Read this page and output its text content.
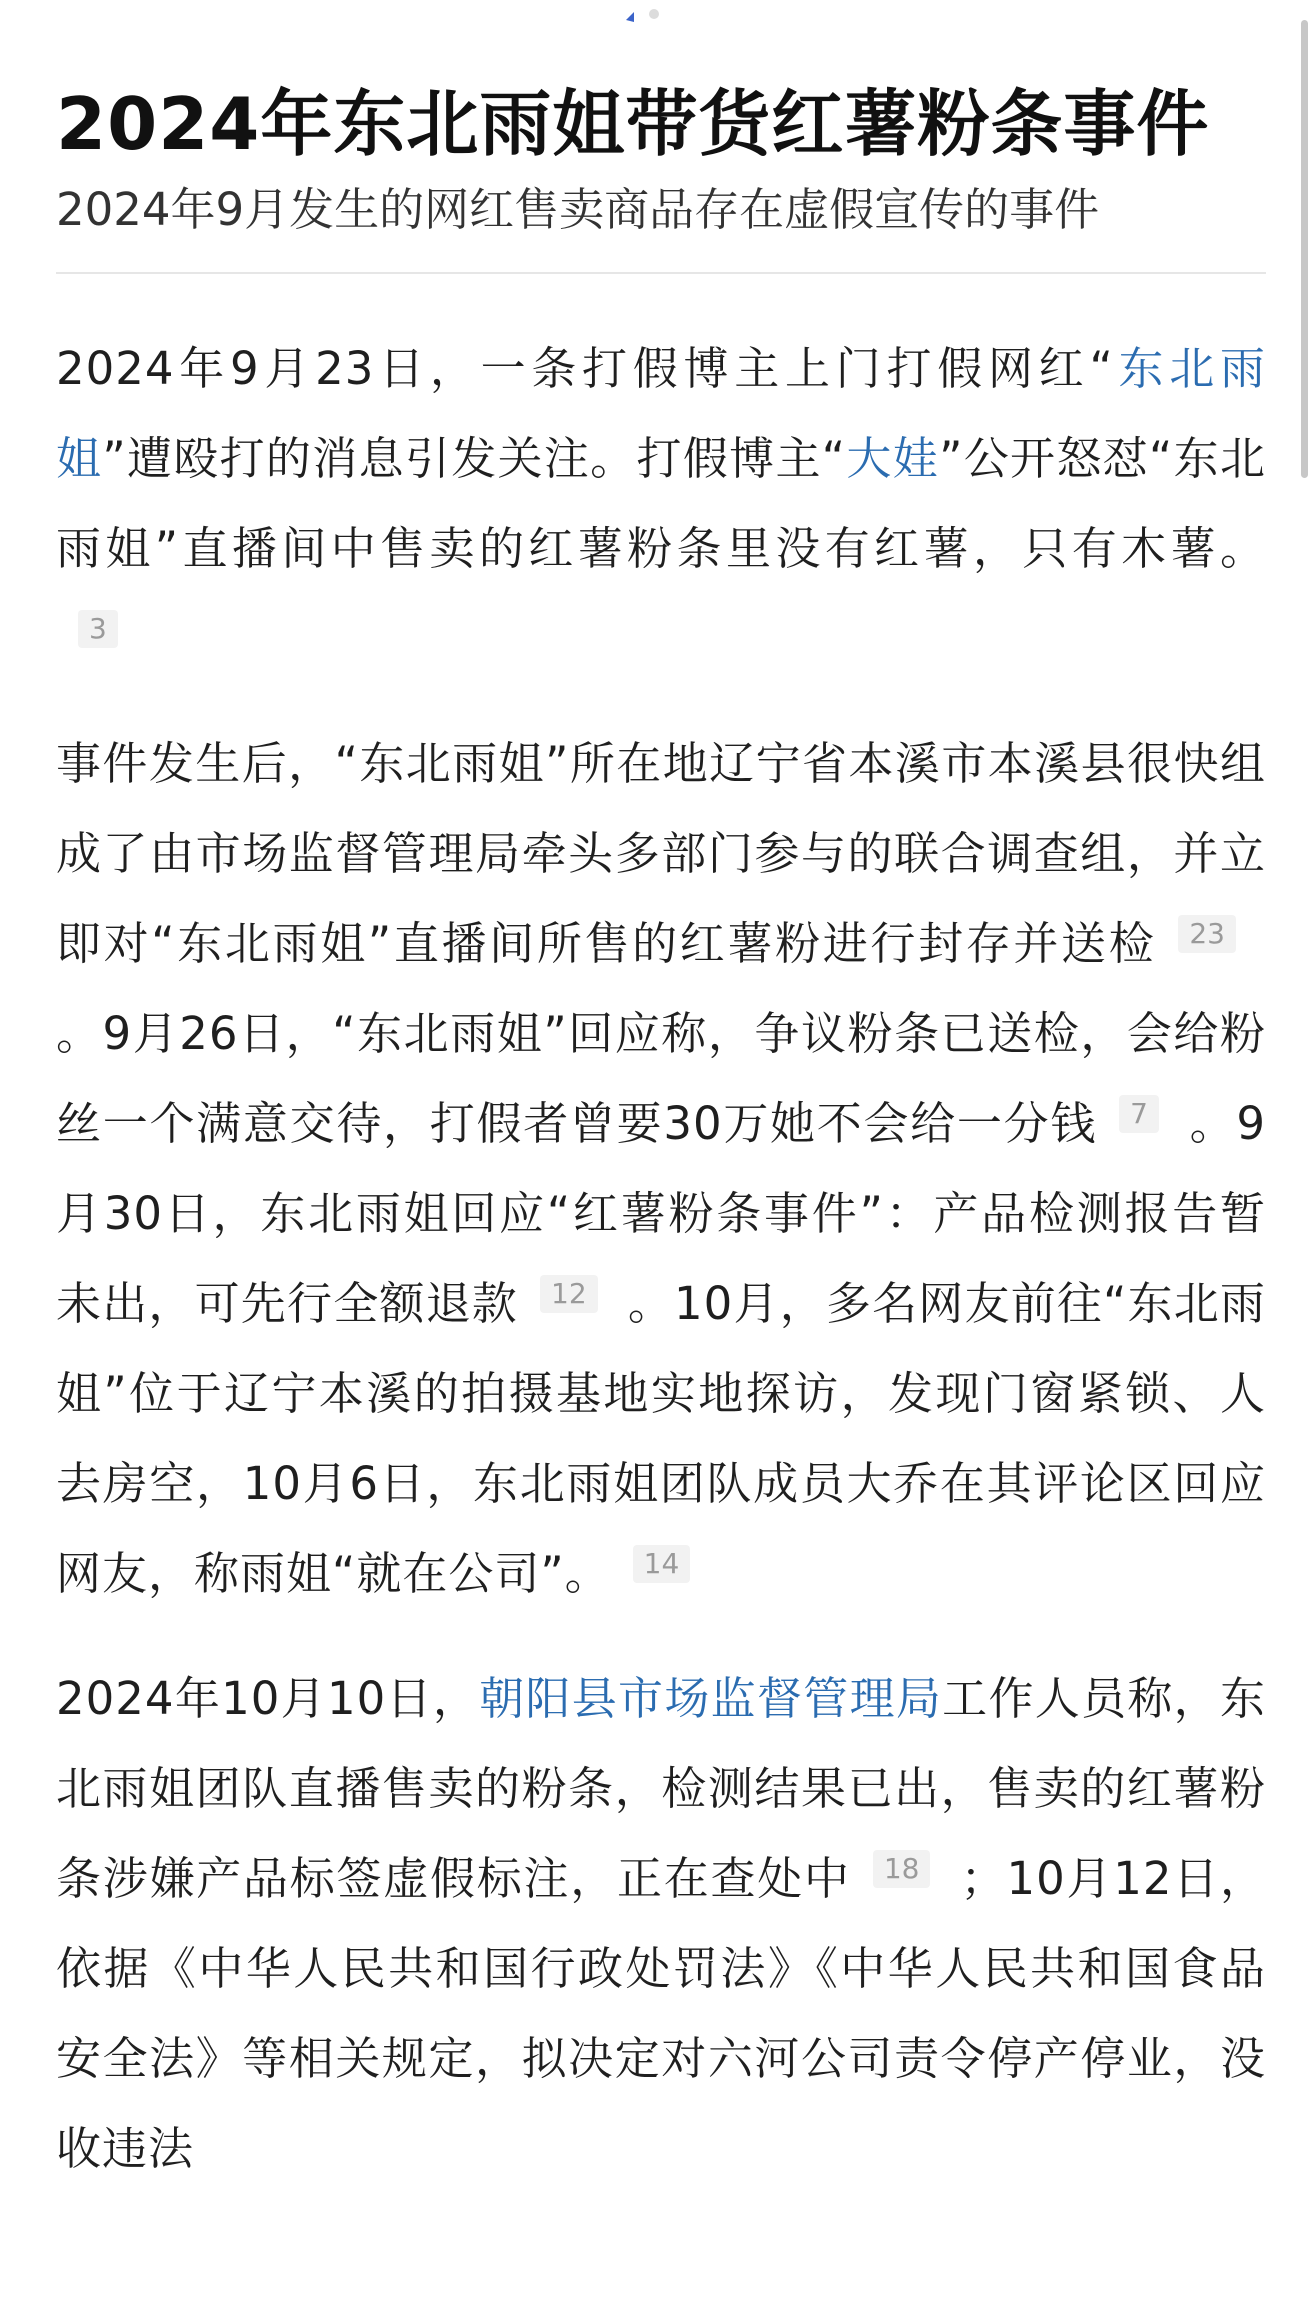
2024年东北雨姐带货红薯粉条事件
2024年9月发生的网红售卖商品存在虚假宣传的事件

2024年9月23日，一条打假博主上门打假网红“东北雨姐”遭殴打的消息引发关注。打假博主“大娃”公开怒怼“东北雨姐”直播间中售卖的红薯粉条里没有红薯，只有木薯。3

事件发生后，“东北雨姐”所在地辽宁省本溪市本溪县很快组成了由市场监督管理局牵头多部门参与的联合调查组，并立即对“东北雨姐”直播间所售的红薯粉进行封存并送检 23。9月26日，“东北雨姐”回应称，争议粉条已送检，会给粉丝一个满意交待，打假者曾要30万她不会给一分钱 7 。9月30日，东北雨姐回应“红薯粉条事件”：产品检测报告暂未出，可先行全额退款 12 。10月，多名网友前往“东北雨姐”位于辽宁本溪的拍摄基地实地探访，发现门窗紧锁、人去房空，10月6日，东北雨姐团队成员大乔在其评论区回应网友，称雨姐“就在公司”。 14

2024年10月10日，朝阳县市场监督管理局工作人员称，东北雨姐团队直播售卖的粉条，检测结果已出，售卖的红薯粉条涉嫌产品标签虚假标注，正在查处中 18 ；10月12日，依据《中华人民共和国行政处罚法》《中华人民共和国食品安全法》等相关规定，拟决定对六河公司责令停产停业，没收违法
